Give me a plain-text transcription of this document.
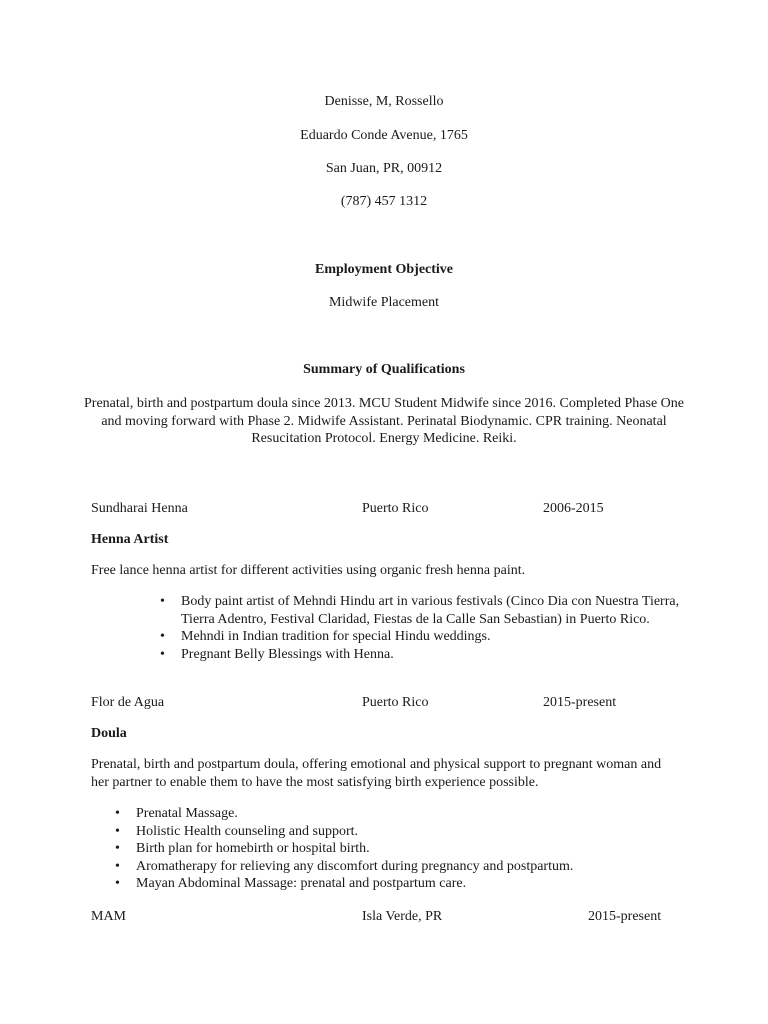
Denisse, M, Rossello
Eduardo Conde Avenue, 1765
San Juan, PR, 00912
(787) 457 1312
Employment Objective
Midwife Placement
Summary of Qualifications
Prenatal, birth and postpartum doula since 2013. MCU Student Midwife since 2016. Completed Phase One and moving forward with Phase 2. Midwife Assistant. Perinatal Biodynamic. CPR training. Neonatal Resucitation Protocol. Energy Medicine. Reiki.
Sundharai Henna	Puerto Rico	2006-2015
Henna Artist
Free lance henna artist for different activities using organic fresh henna paint.
• Body paint artist of Mehndi Hindu art in various festivals (Cinco Dia con Nuestra Tierra, Tierra Adentro, Festival Claridad, Fiestas de la Calle San Sebastian) in Puerto Rico.
• Mehndi in Indian tradition for special Hindu weddings.
• Pregnant Belly Blessings with Henna.
Flor de Agua	Puerto Rico	2015-present
Doula
Prenatal, birth and postpartum doula, offering emotional and physical support to pregnant woman and her partner to enable them to have the most satisfying birth experience possible.
• Prenatal Massage.
• Holistic Health counseling and support.
• Birth plan for homebirth or hospital birth.
• Aromatherapy for relieving any discomfort during pregnancy and postpartum.
• Mayan Abdominal Massage: prenatal and postpartum care.
MAM	Isla Verde, PR	2015-present
